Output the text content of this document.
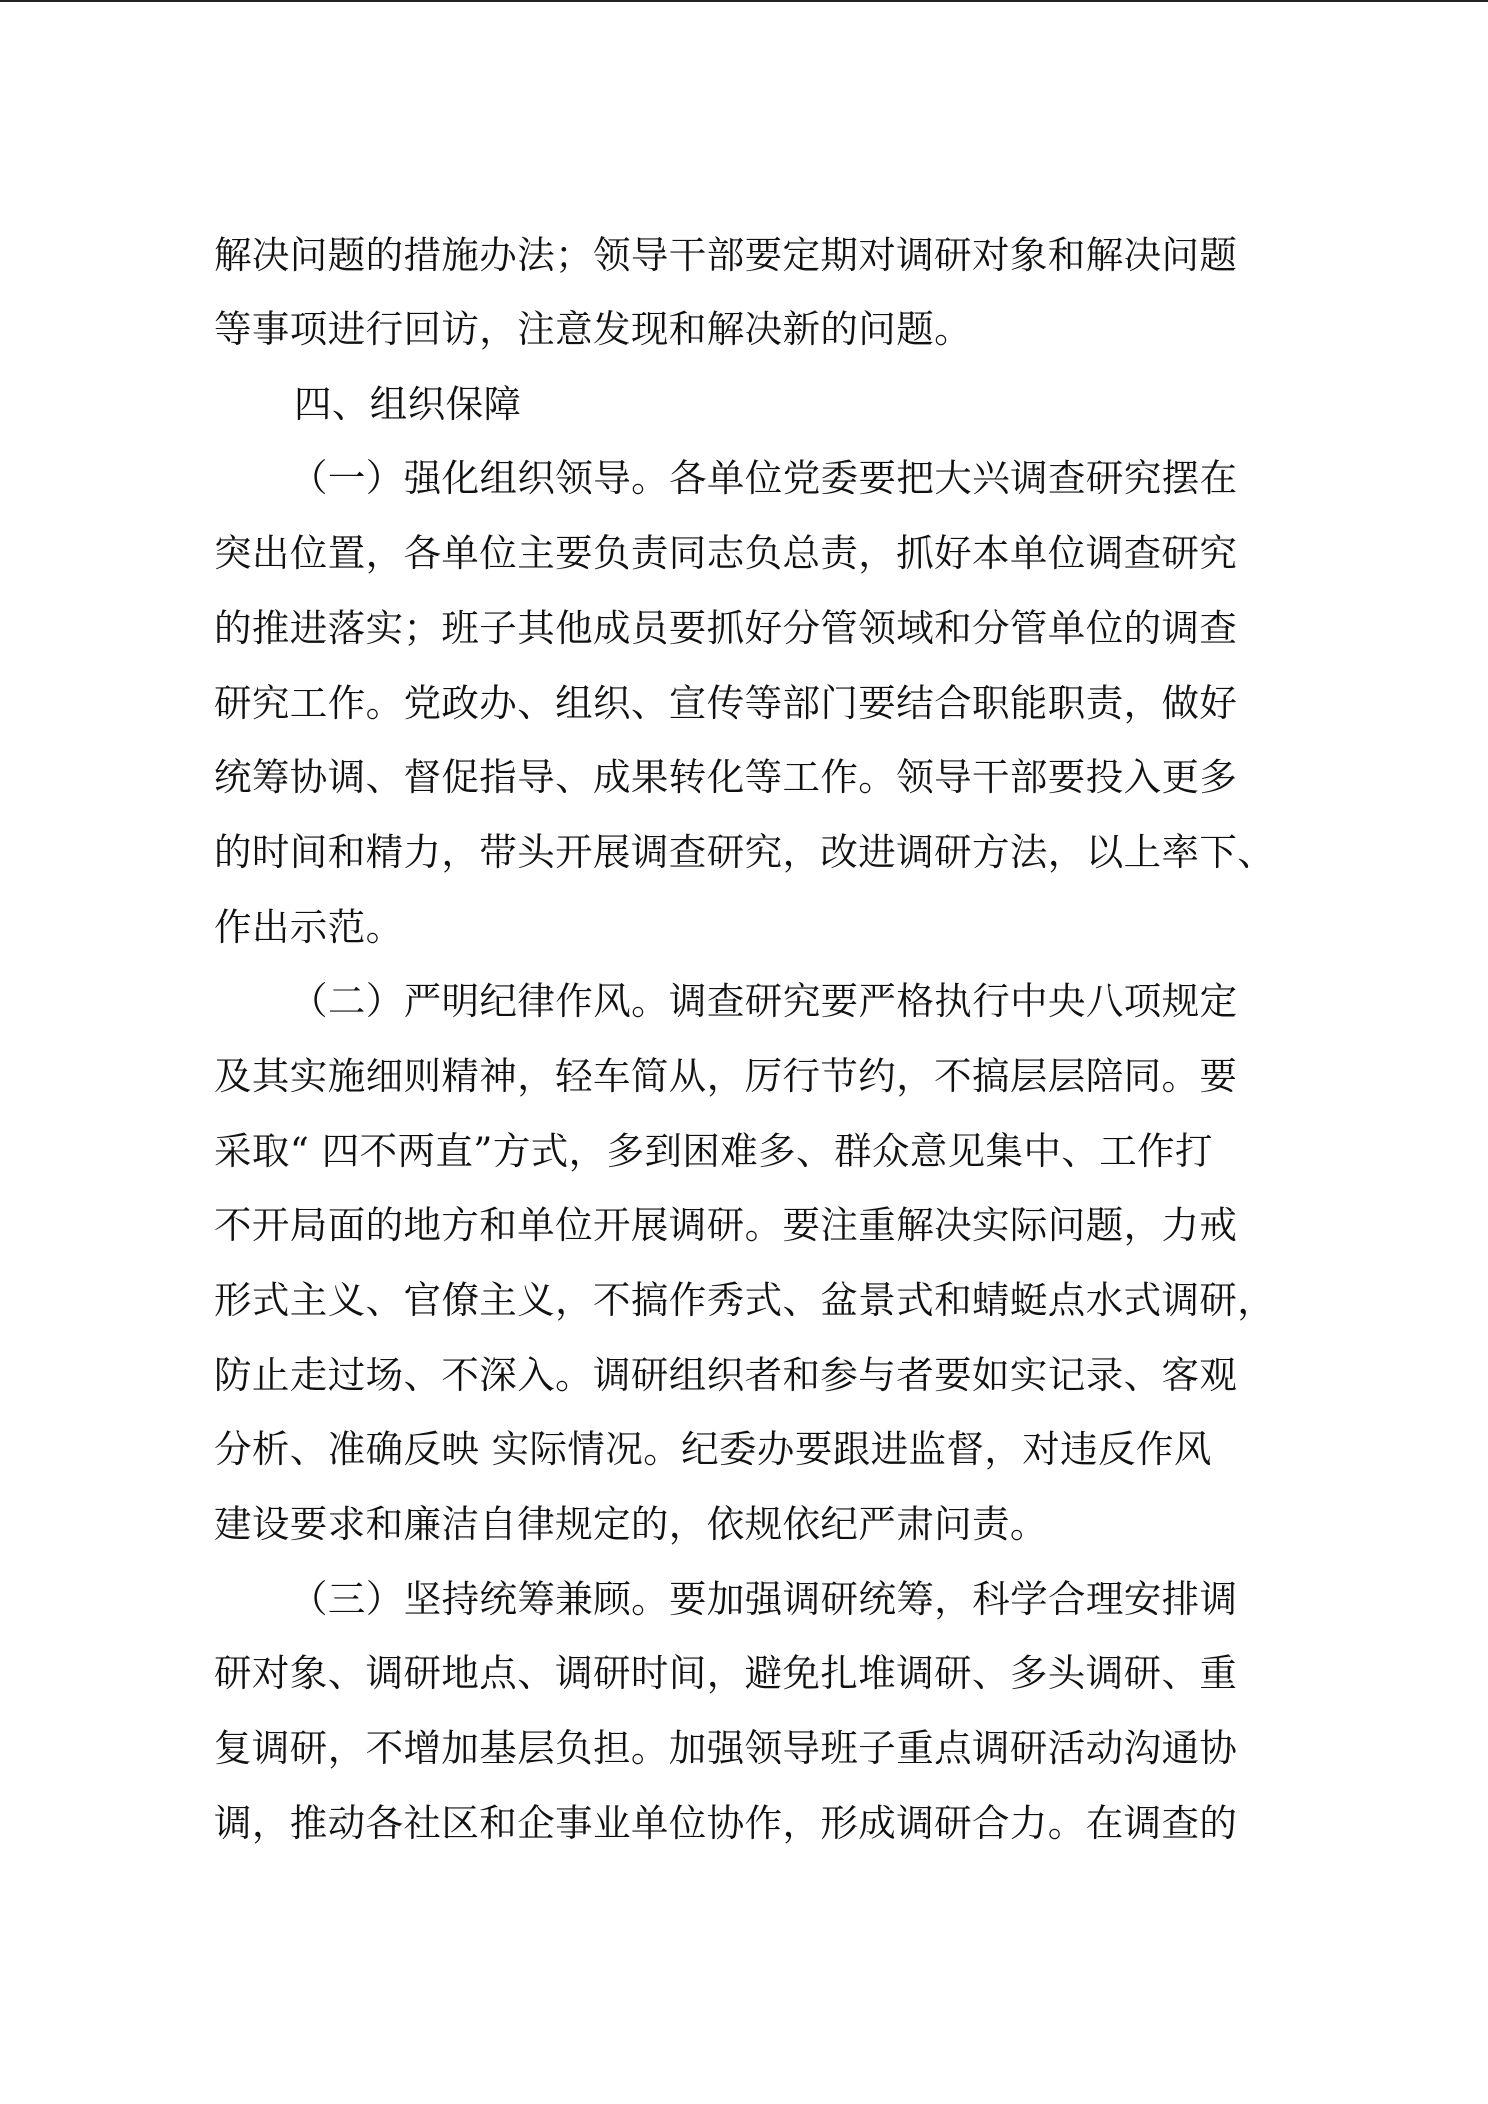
解决问题的措施办法；领导干部要定期对调研对象和解决问题
等事项进行回访，注意发现和解决新的问题。
四、组织保障
（一）强化组织领导。各单位党委要把大兴调查研究摆在
突出位置，各单位主要负责同志负总责，抓好本单位调查研究
的推进落实；班子其他成员要抓好分管领域和分管单位的调查
研究工作。党政办、组织、宣传等部门要结合职能职责，做好
统筹协调、督促指导、成果转化等工作。领导干部要投入更多
的时间和精力，带头开展调查研究，改进调研方法，以上率下、
作出示范。
（二）严明纪律作风。调查研究要严格执行中央八项规定
及其实施细则精神，轻车简从，厉行节约，不搞层层陪同。要
采取“ 四不两直”方式，多到困难多、群众意见集中、工作打
不开局面的地方和单位开展调研。要注重解决实际问题，力戒
形式主义、官僚主义，不搞作秀式、盆景式和蜻蜓点水式调研，
防止走过场、不深入。调研组织者和参与者要如实记录、客观
分析、准确反映 实际情况。纪委办要跟进监督，对违反作风
建设要求和廉洁自律规定的，依规依纪严肃问责。
（三）坚持统筹兼顾。要加强调研统筹，科学合理安排调
研对象、调研地点、调研时间，避免扎堆调研、多头调研、重
复调研，不增加基层负担。加强领导班子重点调研活动沟通协
调，推动各社区和企事业单位协作，形成调研合力。在调查的
